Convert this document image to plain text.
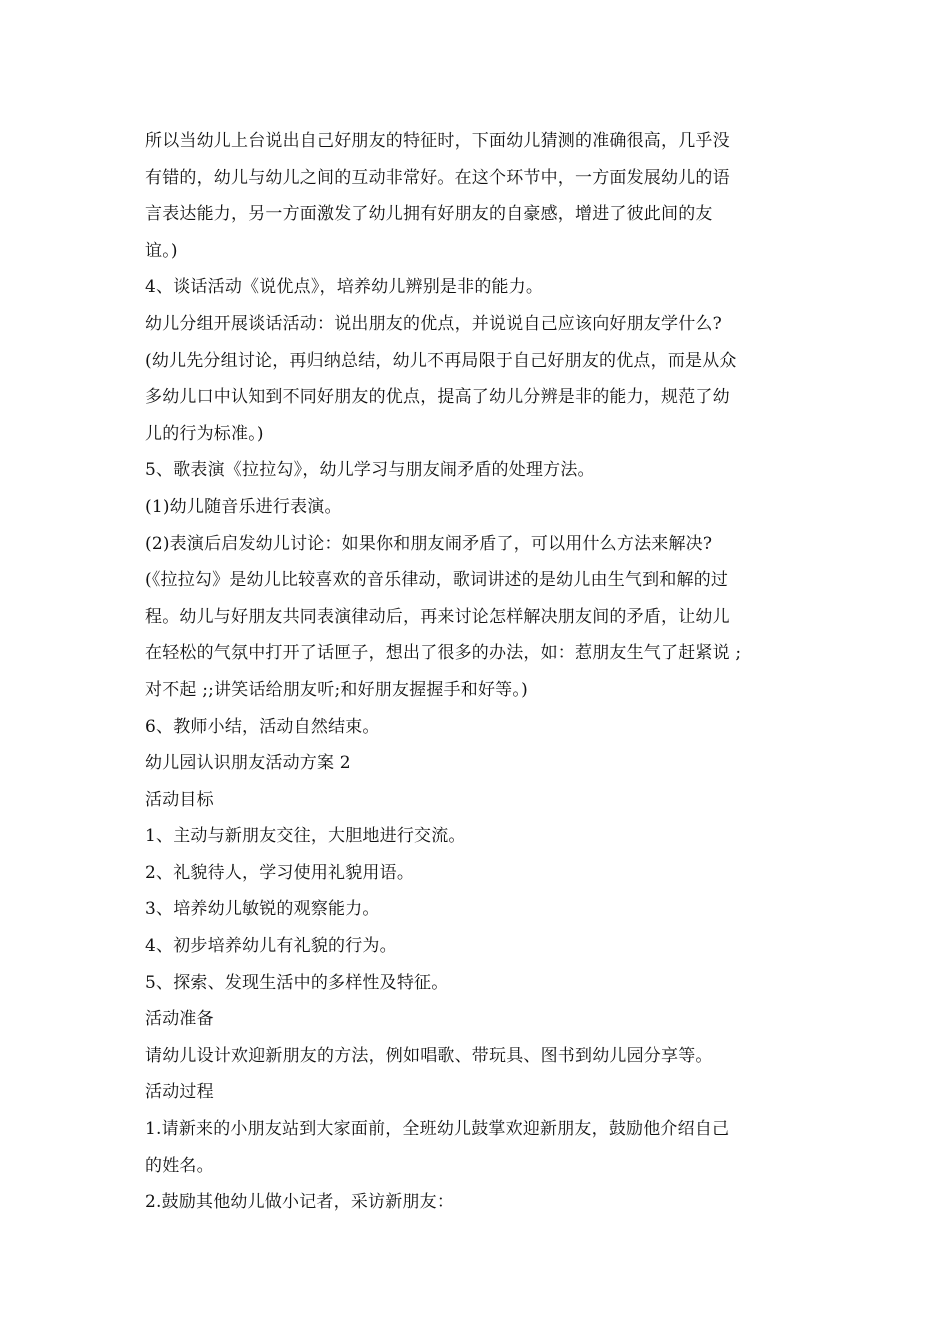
所以当幼儿上台说出自己好朋友的特征时，下面幼儿猜测的准确很高，几乎没
有错的，幼儿与幼儿之间的互动非常好。在这个环节中，一方面发展幼儿的语
言表达能力，另一方面激发了幼儿拥有好朋友的自豪感，增进了彼此间的友
谊。)
4、谈话活动《说优点》，培养幼儿辨别是非的能力。
幼儿分组开展谈话活动：说出朋友的优点，并说说自己应该向好朋友学什么?
(幼儿先分组讨论，再归纳总结，幼儿不再局限于自己好朋友的优点，而是从众
多幼儿口中认知到不同好朋友的优点，提高了幼儿分辨是非的能力，规范了幼
儿的行为标准。)
5、歌表演《拉拉勾》，幼儿学习与朋友闹矛盾的处理方法。
(1)幼儿随音乐进行表演。
(2)表演后启发幼儿讨论：如果你和朋友闹矛盾了，可以用什么方法来解决?
(《拉拉勾》是幼儿比较喜欢的音乐律动，歌词讲述的是幼儿由生气到和解的过
程。幼儿与好朋友共同表演律动后，再来讨论怎样解决朋友间的矛盾，让幼儿
在轻松的气氛中打开了话匣子，想出了很多的办法，如：惹朋友生气了赶紧说 ;
对不起 ;;讲笑话给朋友听;和好朋友握握手和好等。)
6、教师小结，活动自然结束。
幼儿园认识朋友活动方案 2
活动目标
1、主动与新朋友交往，大胆地进行交流。
2、礼貌待人，学习使用礼貌用语。
3、培养幼儿敏锐的观察能力。
4、初步培养幼儿有礼貌的行为。
5、探索、发现生活中的多样性及特征。
活动准备
请幼儿设计欢迎新朋友的方法，例如唱歌、带玩具、图书到幼儿园分享等。
活动过程
1.请新来的小朋友站到大家面前，全班幼儿鼓掌欢迎新朋友，鼓励他介绍自己
的姓名。
2.鼓励其他幼儿做小记者，采访新朋友：
